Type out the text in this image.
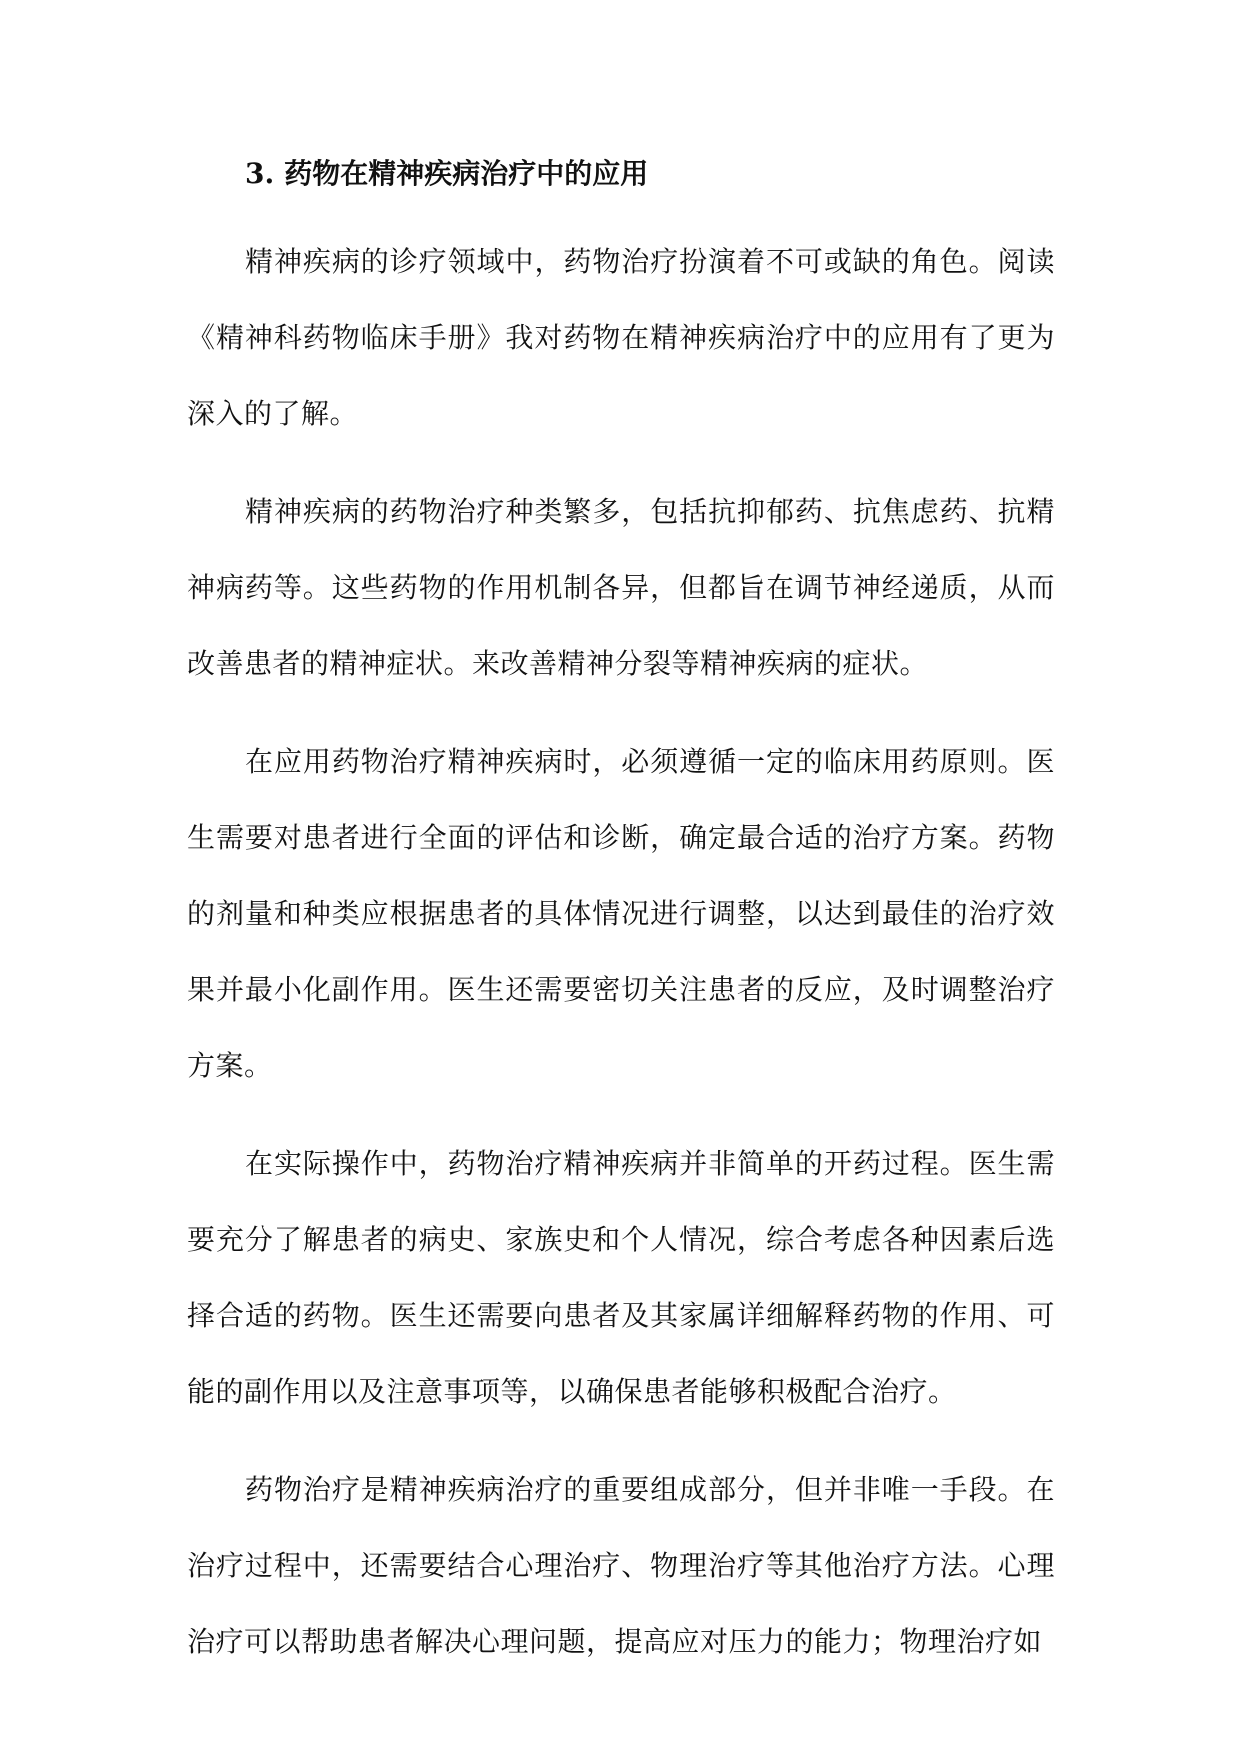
3. 药物在精神疾病治疗中的应用

精神疾病的诊疗领域中，药物治疗扮演着不可或缺的角色。阅读《精神科药物临床手册》我对药物在精神疾病治疗中的应用有了更为深入的了解。

精神疾病的药物治疗种类繁多，包括抗抑郁药、抗焦虑药、抗精神病药等。这些药物的作用机制各异，但都旨在调节神经递质，从而改善患者的精神症状。来改善精神分裂等精神疾病的症状。

在应用药物治疗精神疾病时，必须遵循一定的临床用药原则。医生需要对患者进行全面的评估和诊断，确定最合适的治疗方案。药物的剂量和种类应根据患者的具体情况进行调整，以达到最佳的治疗效果并最小化副作用。医生还需要密切关注患者的反应，及时调整治疗方案。

在实际操作中，药物治疗精神疾病并非简单的开药过程。医生需要充分了解患者的病史、家族史和个人情况，综合考虑各种因素后选择合适的药物。医生还需要向患者及其家属详细解释药物的作用、可能的副作用以及注意事项等，以确保患者能够积极配合治疗。

药物治疗是精神疾病治疗的重要组成部分，但并非唯一手段。在治疗过程中，还需要结合心理治疗、物理治疗等其他治疗方法。心理治疗可以帮助患者解决心理问题，提高应对压力的能力；物理治疗如
